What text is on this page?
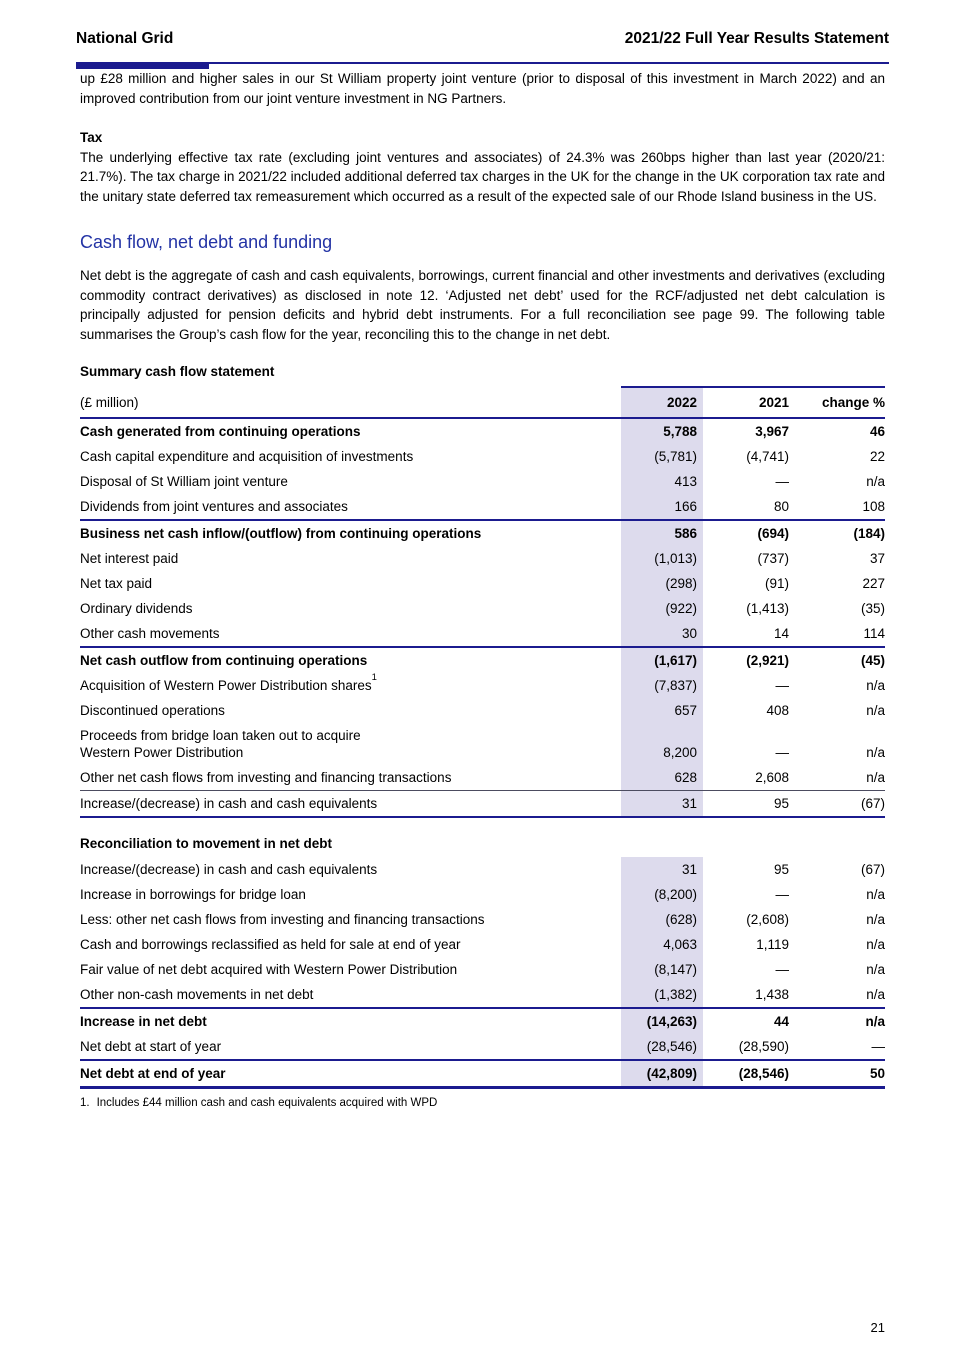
National Grid	2021/22 Full Year Results Statement

up £28 million and higher sales in our St William property joint venture (prior to disposal of this investment in March 2022) and an improved contribution from our joint venture investment in NG Partners.

Tax

The underlying effective tax rate (excluding joint ventures and associates) of 24.3% was 260bps higher than last year (2020/21: 21.7%). The tax charge in 2021/22 included additional deferred tax charges in the UK for the change in the UK corporation tax rate and the unitary state deferred tax remeasurement which occurred as a result of the expected sale of our Rhode Island business in the US.

Cash flow, net debt and funding

Net debt is the aggregate of cash and cash equivalents, borrowings, current financial and other investments and derivatives (excluding commodity contract derivatives) as disclosed in note 12. ‘Adjusted net debt’ used for the RCF/adjusted net debt calculation is principally adjusted for pension deficits and hybrid debt instruments. For a full reconciliation see page 99. The following table summarises the Group’s cash flow for the year, reconciling this to the change in net debt.

Summary cash flow statement
(£ million)	2022	2021	change %
Cash generated from continuing operations	5,788	3,967	46
Cash capital expenditure and acquisition of investments	(5,781)	(4,741)	22
Disposal of St William joint venture	413	—	n/a
Dividends from joint ventures and associates	166	80	108
Business net cash inflow/(outflow) from continuing operations	586	(694)	(184)
Net interest paid	(1,013)	(737)	37
Net tax paid	(298)	(91)	227
Ordinary dividends	(922)	(1,413)	(35)
Other cash movements	30	14	114
Net cash outflow from continuing operations	(1,617)	(2,921)	(45)
Acquisition of Western Power Distribution shares$^1$	(7,837)	—	n/a
Discontinued operations	657	408	n/a
Proceeds from bridge loan taken out to acquire
Western Power Distribution	8,200	—	n/a
Other net cash flows from investing and financing transactions	628	2,608	n/a
Increase/(decrease) in cash and cash equivalents	31	95	(67)
Reconciliation to movement in net debt
Increase/(decrease) in cash and cash equivalents	31	95	(67)
Increase in borrowings for bridge loan	(8,200)	—	n/a
Less: other net cash flows from investing and financing transactions	(628)	(2,608)	n/a
Cash and borrowings reclassified as held for sale at end of year	4,063	1,119	n/a
Fair value of net debt acquired with Western Power Distribution	(8,147)	—	n/a
Other non-cash movements in net debt	(1,382)	1,438	n/a
Increase in net debt	(14,263)	44	n/a
Net debt at start of year	(28,546)	(28,590)	—
Net debt at end of year	(42,809)	(28,546)	50
1. Includes £44 million cash and cash equivalents acquired with WPD
21
